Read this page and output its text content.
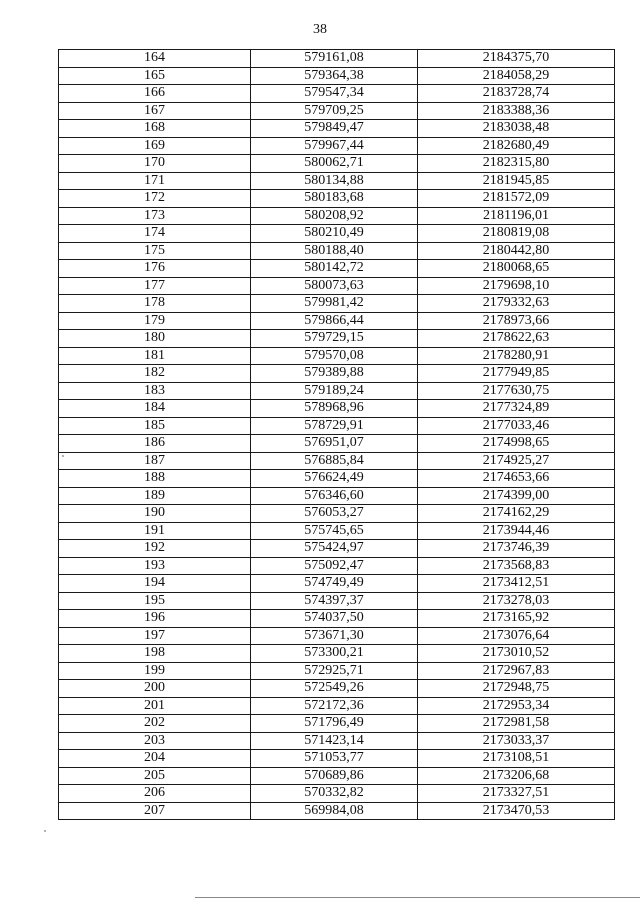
38
164	579161,08	2184375,70
165	579364,38	2184058,29
166	579547,34	2183728,74
167	579709,25	2183388,36
168	579849,47	2183038,48
169	579967,44	2182680,49
170	580062,71	2182315,80
171	580134,88	2181945,85
172	580183,68	2181572,09
173	580208,92	2181196,01
174	580210,49	2180819,08
175	580188,40	2180442,80
176	580142,72	2180068,65
177	580073,63	2179698,10
178	579981,42	2179332,63
179	579866,44	2178973,66
180	579729,15	2178622,63
181	579570,08	2178280,91
182	579389,88	2177949,85
183	579189,24	2177630,75
184	578968,96	2177324,89
185	578729,91	2177033,46
186	576951,07	2174998,65
187	576885,84	2174925,27
188	576624,49	2174653,66
189	576346,60	2174399,00
190	576053,27	2174162,29
191	575745,65	2173944,46
192	575424,97	2173746,39
193	575092,47	2173568,83
194	574749,49	2173412,51
195	574397,37	2173278,03
196	574037,50	2173165,92
197	573671,30	2173076,64
198	573300,21	2173010,52
199	572925,71	2172967,83
200	572549,26	2172948,75
201	572172,36	2172953,34
202	571796,49	2172981,58
203	571423,14	2173033,37
204	571053,77	2173108,51
205	570689,86	2173206,68
206	570332,82	2173327,51
207	569984,08	2173470,53
